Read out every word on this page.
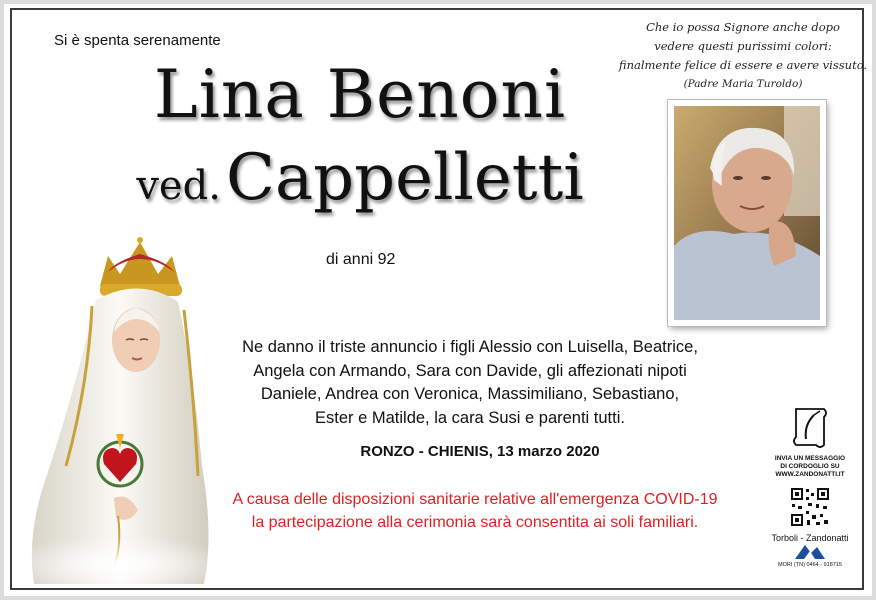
Si è spenta serenamente
Lina Benoni
ved. Cappelletti
di anni 92
Che io possa Signore anche dopo
vedere questi purissimi colori:
finalmente felice di essere e avere vissuto.
(Padre Maria Turoldo)
Ne danno il triste annuncio i figli Alessio con Luisella, Beatrice,
Angela con Armando, Sara con Davide, gli affezionati nipoti
Daniele, Andrea con Veronica, Massimiliano, Sebastiano,
Ester e Matilde, la cara Susi e parenti tutti.
RONZO - CHIENIS, 13 marzo 2020
A causa delle disposizioni sanitarie relative all'emergenza COVID-19
la partecipazione alla cerimonia sarà consentita ai soli familiari.
INVIA UN MESSAGGIO
DI CORDOGLIO SU
WWW.ZANDONATTI.IT
Torboli - Zandonatti
MORI (TN) 0464 - 918715
